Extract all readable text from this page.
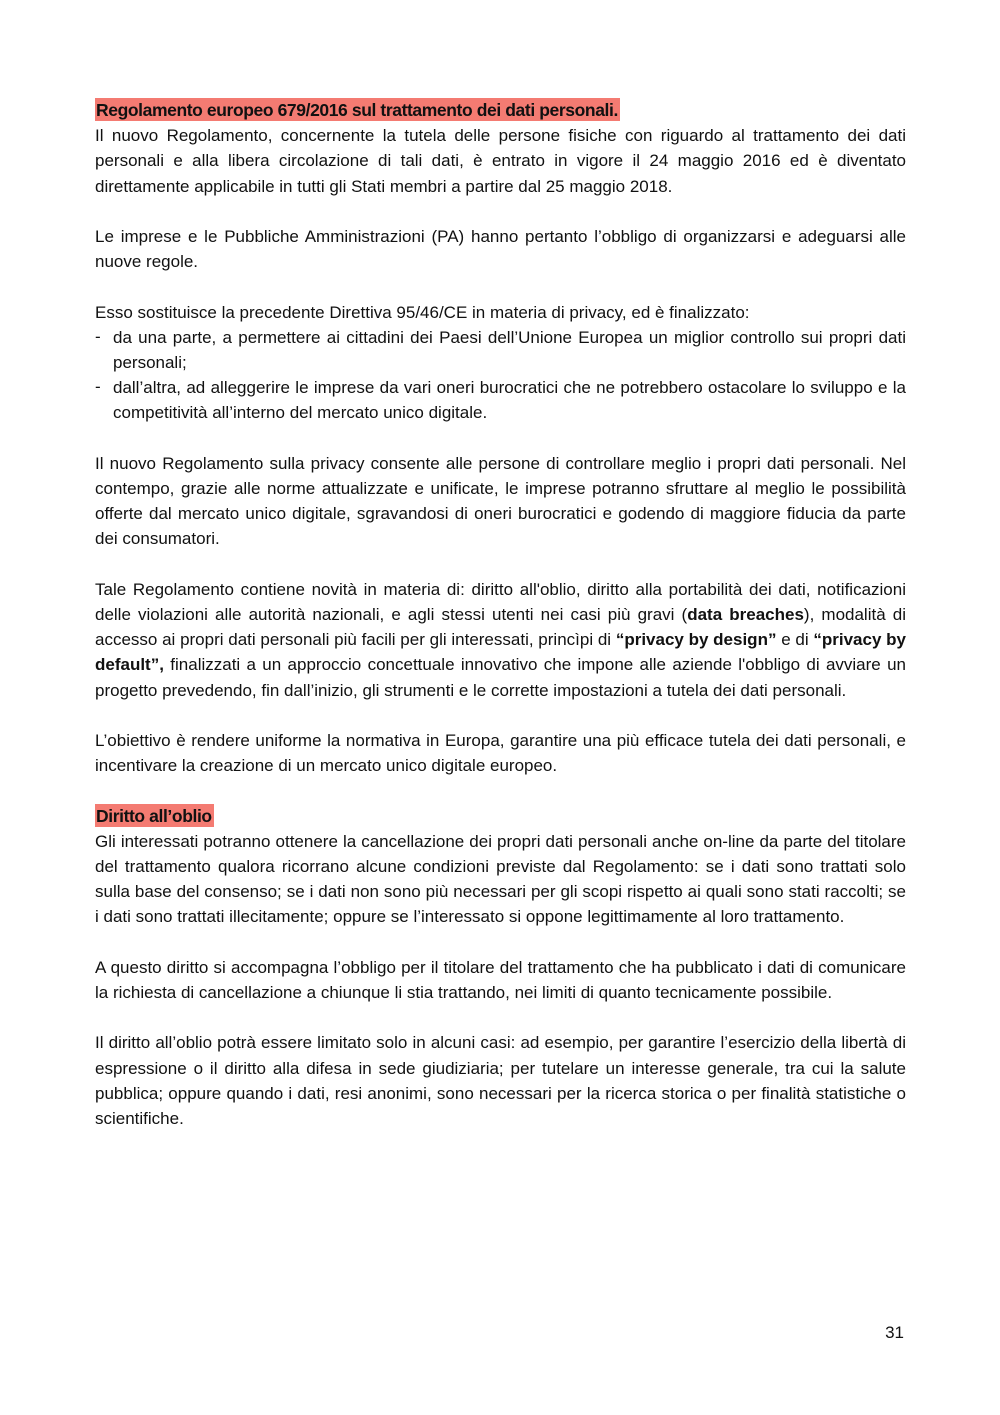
Regolamento europeo 679/2016 sul trattamento dei dati personali.

Il nuovo Regolamento, concernente la tutela delle persone fisiche con riguardo al trattamento dei dati personali e alla libera circolazione di tali dati, è entrato in vigore il 24 maggio 2016 ed è diventato direttamente applicabile in tutti gli Stati membri a partire dal 25 maggio 2018.

Le imprese e le Pubbliche Amministrazioni (PA) hanno pertanto l’obbligo di organizzarsi e adeguarsi alle nuove regole.

Esso sostituisce la precedente Direttiva 95/46/CE in materia di privacy, ed è finalizzato:

- da una parte, a permettere ai cittadini dei Paesi dell’Unione Europea un miglior controllo sui propri dati personali;
- dall’altra, ad alleggerire le imprese da vari oneri burocratici che ne potrebbero ostacolare lo sviluppo e la competitività all’interno del mercato unico digitale.

Il nuovo Regolamento sulla privacy consente alle persone di controllare meglio i propri dati personali. Nel contempo, grazie alle norme attualizzate e unificate, le imprese potranno sfruttare al meglio le possibilità offerte dal mercato unico digitale, sgravandosi di oneri burocratici e godendo di maggiore fiducia da parte dei consumatori.

Tale Regolamento contiene novità in materia di: diritto all'oblio, diritto alla portabilità dei dati, notificazioni delle violazioni alle autorità nazionali, e agli stessi utenti nei casi più gravi (data breaches), modalità di accesso ai propri dati personali più facili per gli interessati, princìpi di “privacy by design” e di “privacy by default”, finalizzati a un approccio concettuale innovativo che impone alle aziende l'obbligo di avviare un progetto prevedendo, fin dall’inizio, gli strumenti e le corrette impostazioni a tutela dei dati personali.

L’obiettivo è rendere uniforme la normativa in Europa, garantire una più efficace tutela dei dati personali, e incentivare la creazione di un mercato unico digitale europeo.

Diritto all’oblio

Gli interessati potranno ottenere la cancellazione dei propri dati personali anche on-line da parte del titolare del trattamento qualora ricorrano alcune condizioni previste dal Regolamento: se i dati sono trattati solo sulla base del consenso; se i dati non sono più necessari per gli scopi rispetto ai quali sono stati raccolti; se i dati sono trattati illecitamente; oppure se l’interessato si oppone legittimamente al loro trattamento.

A questo diritto si accompagna l’obbligo per il titolare del trattamento che ha pubblicato i dati di comunicare la richiesta di cancellazione a chiunque li stia trattando, nei limiti di quanto tecnicamente possibile.

Il diritto all’oblio potrà essere limitato solo in alcuni casi: ad esempio, per garantire l’esercizio della libertà di espressione o il diritto alla difesa in sede giudiziaria; per tutelare un interesse generale, tra cui la salute pubblica; oppure quando i dati, resi anonimi, sono necessari per la ricerca storica o per finalità statistiche o scientifiche.

31
